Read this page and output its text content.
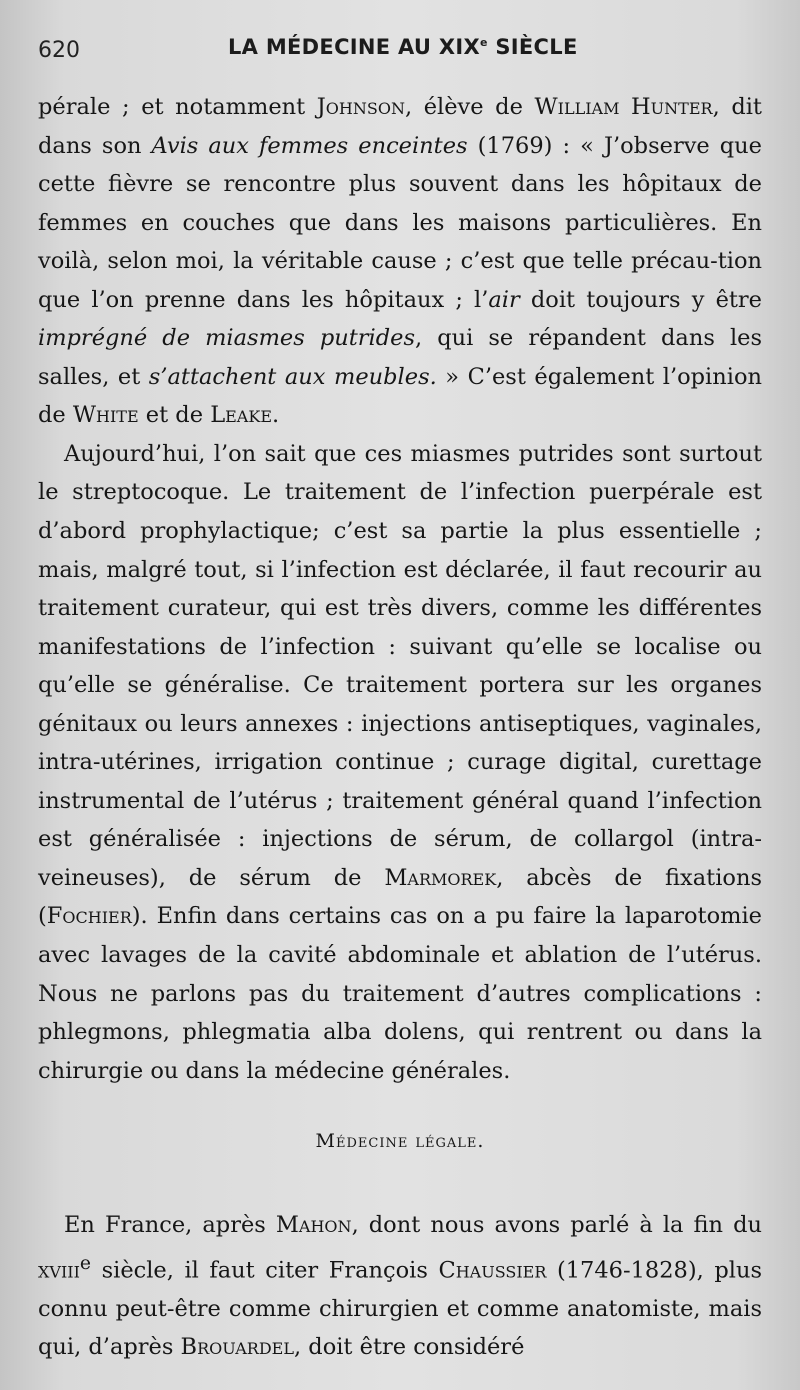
620	LA MÉDECINE AU XIXe SIÈCLE

pérale ; et notamment Johnson, élève de William Hunter, dit dans son Avis aux femmes enceintes (1769) : « J’observe que cette fièvre se rencontre plus souvent dans les hôpitaux de femmes en couches que dans les maisons particulières. En voilà, selon moi, la véritable cause ; c’est que telle précau-tion que l’on prenne dans les hôpitaux ; l’air doit toujours y être imprégné de miasmes putrides, qui se répandent dans les salles, et s’attachent aux meubles. » C’est également l’opinion de White et de Leake.

Aujourd’hui, l’on sait que ces miasmes putrides sont surtout le streptocoque. Le traitement de l’infection puerpérale est d’abord prophylactique; c’est sa partie la plus essentielle ; mais, malgré tout, si l’infection est déclarée, il faut recourir au traitement curateur, qui est très divers, comme les différentes manifestations de l’infection : suivant qu’elle se localise ou qu’elle se généralise. Ce traitement portera sur les organes génitaux ou leurs annexes : injections antiseptiques, vaginales, intra-utérines, irrigation continue ; curage digital, curettage instrumental de l’utérus ; traitement général quand l’infection est généralisée : injections de sérum, de collargol (intra-veineuses), de sérum de Marmorek, abcès de fixations (Fochier). Enfin dans certains cas on a pu faire la laparotomie avec lavages de la cavité abdominale et ablation de l’utérus. Nous ne parlons pas du traitement d’autres complications : phlegmons, phlegmatia alba dolens, qui rentrent ou dans la chirurgie ou dans la médecine générales.

Médecine légale.

En France, après Mahon, dont nous avons parlé à la fin du xviii$^e$ siècle, il faut citer François Chaussier (1746-1828), plus connu peut-être comme chirurgien et comme anatomiste, mais qui, d’après Brouardel, doit être considéré
